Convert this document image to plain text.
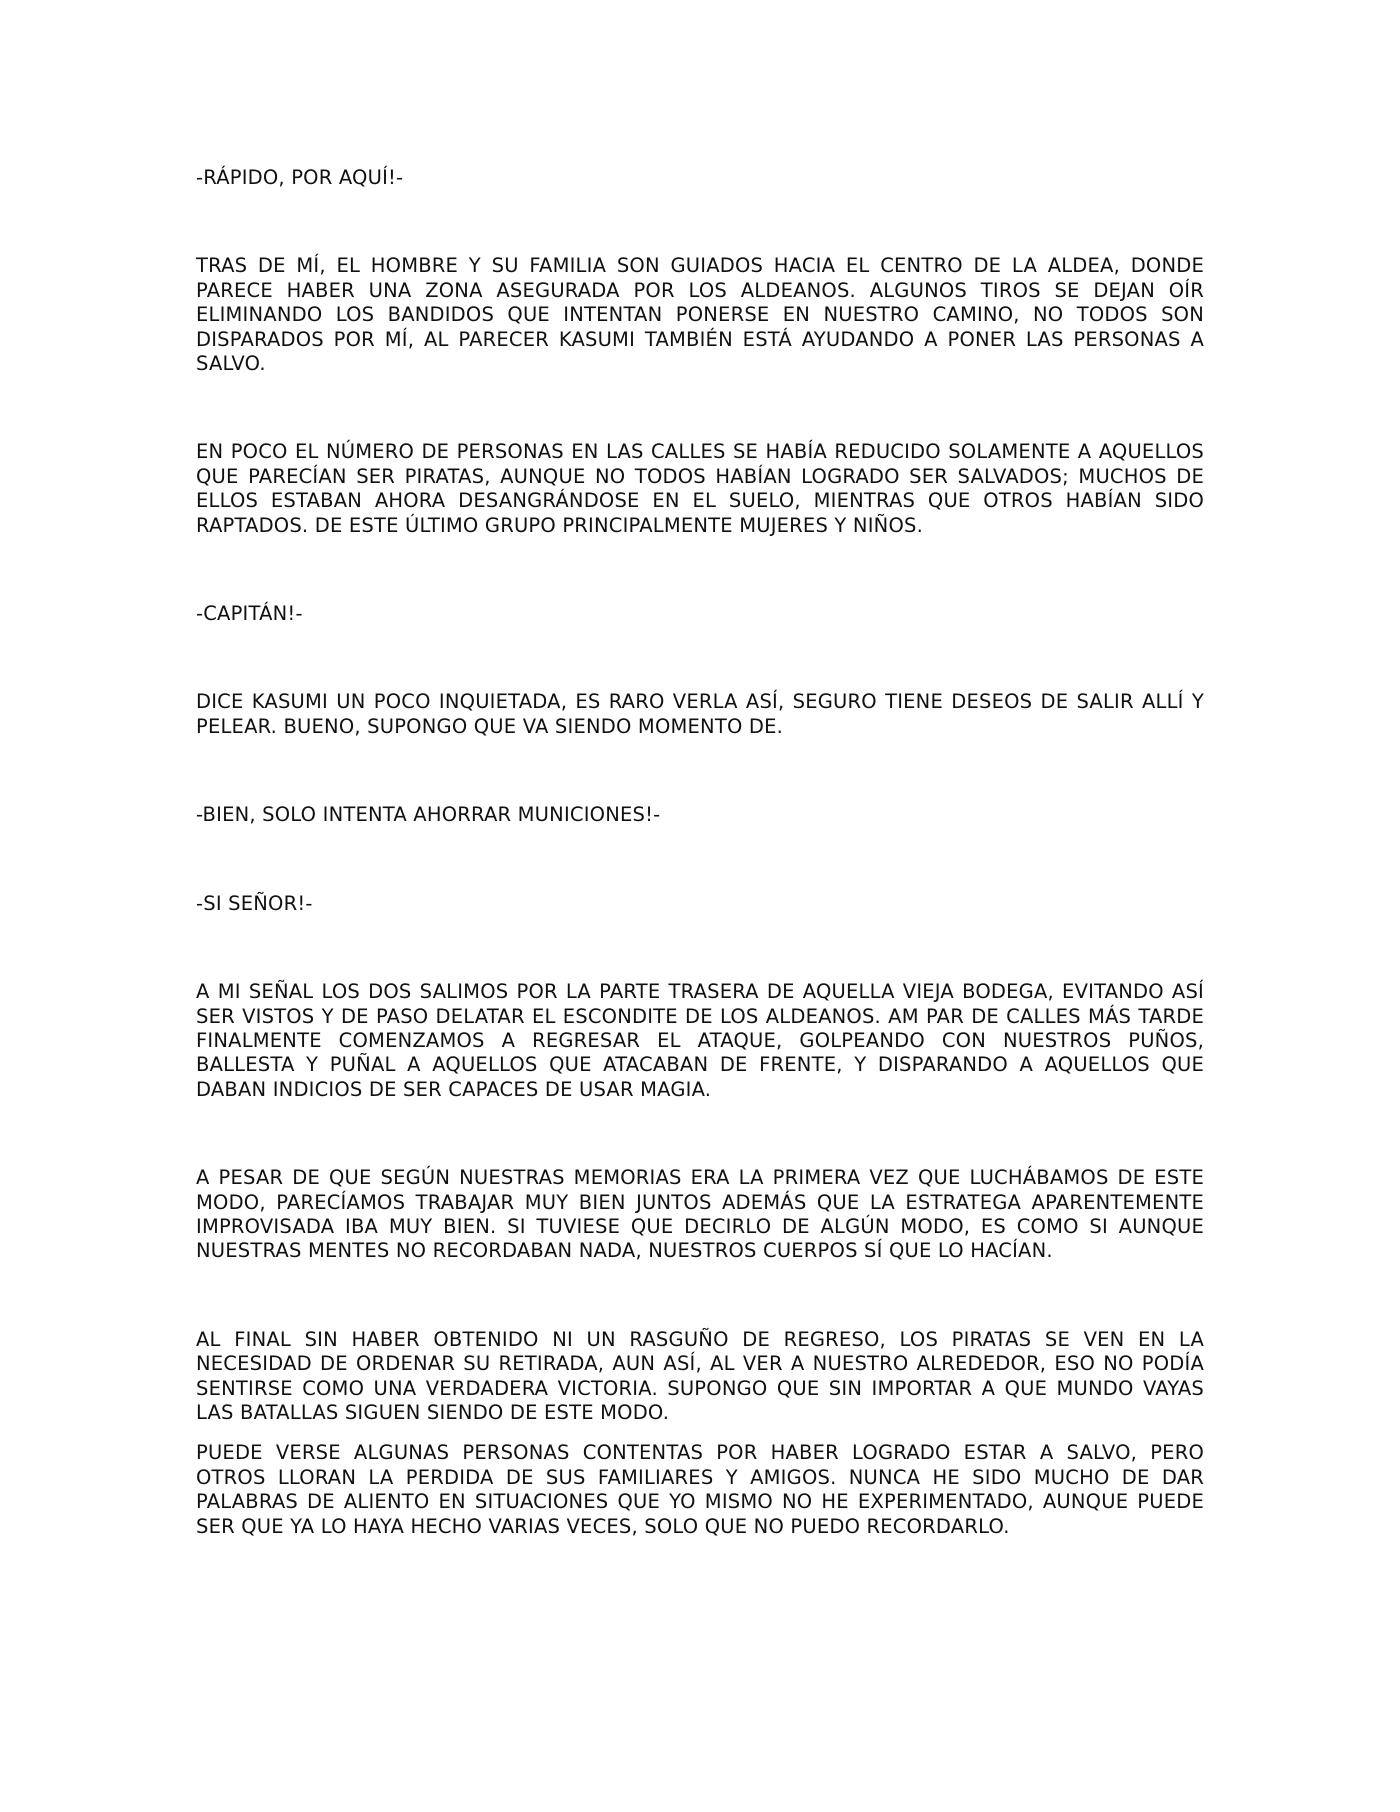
-RÁPIDO, POR AQUÍ!-

TRAS DE MÍ, EL HOMBRE Y SU FAMILIA SON GUIADOS HACIA EL CENTRO DE LA ALDEA, DONDE PARECE HABER UNA ZONA ASEGURADA POR LOS ALDEANOS. ALGUNOS TIROS SE DEJAN OÍR ELIMINANDO LOS BANDIDOS QUE INTENTAN PONERSE EN NUESTRO CAMINO, NO TODOS SON DISPARADOS POR MÍ, AL PARECER KASUMI TAMBIÉN ESTÁ AYUDANDO A PONER LAS PERSONAS A SALVO.

EN POCO EL NÚMERO DE PERSONAS EN LAS CALLES SE HABÍA REDUCIDO SOLAMENTE A AQUELLOS QUE PARECÍAN SER PIRATAS, AUNQUE NO TODOS HABÍAN LOGRADO SER SALVADOS; MUCHOS DE ELLOS ESTABAN AHORA DESANGRÁNDOSE EN EL SUELO, MIENTRAS QUE OTROS HABÍAN SIDO RAPTADOS. DE ESTE ÚLTIMO GRUPO PRINCIPALMENTE MUJERES Y NIÑOS.

-CAPITÁN!-

DICE KASUMI UN POCO INQUIETADA, ES RARO VERLA ASÍ, SEGURO TIENE DESEOS DE SALIR ALLÍ Y PELEAR. BUENO, SUPONGO QUE VA SIENDO MOMENTO DE.

-BIEN, SOLO INTENTA AHORRAR MUNICIONES!-

-SI SEÑOR!-

A MI SEÑAL LOS DOS SALIMOS POR LA PARTE TRASERA DE AQUELLA VIEJA BODEGA, EVITANDO ASÍ SER VISTOS Y DE PASO DELATAR EL ESCONDITE DE LOS ALDEANOS. AM PAR DE CALLES MÁS TARDE FINALMENTE COMENZAMOS A REGRESAR EL ATAQUE, GOLPEANDO CON NUESTROS PUÑOS, BALLESTA Y PUÑAL A AQUELLOS QUE ATACABAN DE FRENTE, Y DISPARANDO A AQUELLOS QUE DABAN INDICIOS DE SER CAPACES DE USAR MAGIA.

A PESAR DE QUE SEGÚN NUESTRAS MEMORIAS ERA LA PRIMERA VEZ QUE LUCHÁBAMOS DE ESTE MODO, PARECÍAMOS TRABAJAR MUY BIEN JUNTOS ADEMÁS QUE LA ESTRATEGA APARENTEMENTE IMPROVISADA IBA MUY BIEN. SI TUVIESE QUE DECIRLO DE ALGÚN MODO, ES COMO SI AUNQUE NUESTRAS MENTES NO RECORDABAN NADA, NUESTROS CUERPOS SÍ QUE LO HACÍAN.

AL FINAL SIN HABER OBTENIDO NI UN RASGUÑO DE REGRESO, LOS PIRATAS SE VEN EN LA NECESIDAD DE ORDENAR SU RETIRADA, AUN ASÍ, AL VER A NUESTRO ALREDEDOR, ESO NO PODÍA SENTIRSE COMO UNA VERDADERA VICTORIA. SUPONGO QUE SIN IMPORTAR A QUE MUNDO VAYAS LAS BATALLAS SIGUEN SIENDO DE ESTE MODO.

PUEDE VERSE ALGUNAS PERSONAS CONTENTAS POR HABER LOGRADO ESTAR A SALVO, PERO OTROS LLORAN LA PERDIDA DE SUS FAMILIARES Y AMIGOS. NUNCA HE SIDO MUCHO DE DAR PALABRAS DE ALIENTO EN SITUACIONES QUE YO MISMO NO HE EXPERIMENTADO, AUNQUE PUEDE SER QUE YA LO HAYA HECHO VARIAS VECES, SOLO QUE NO PUEDO RECORDARLO.
